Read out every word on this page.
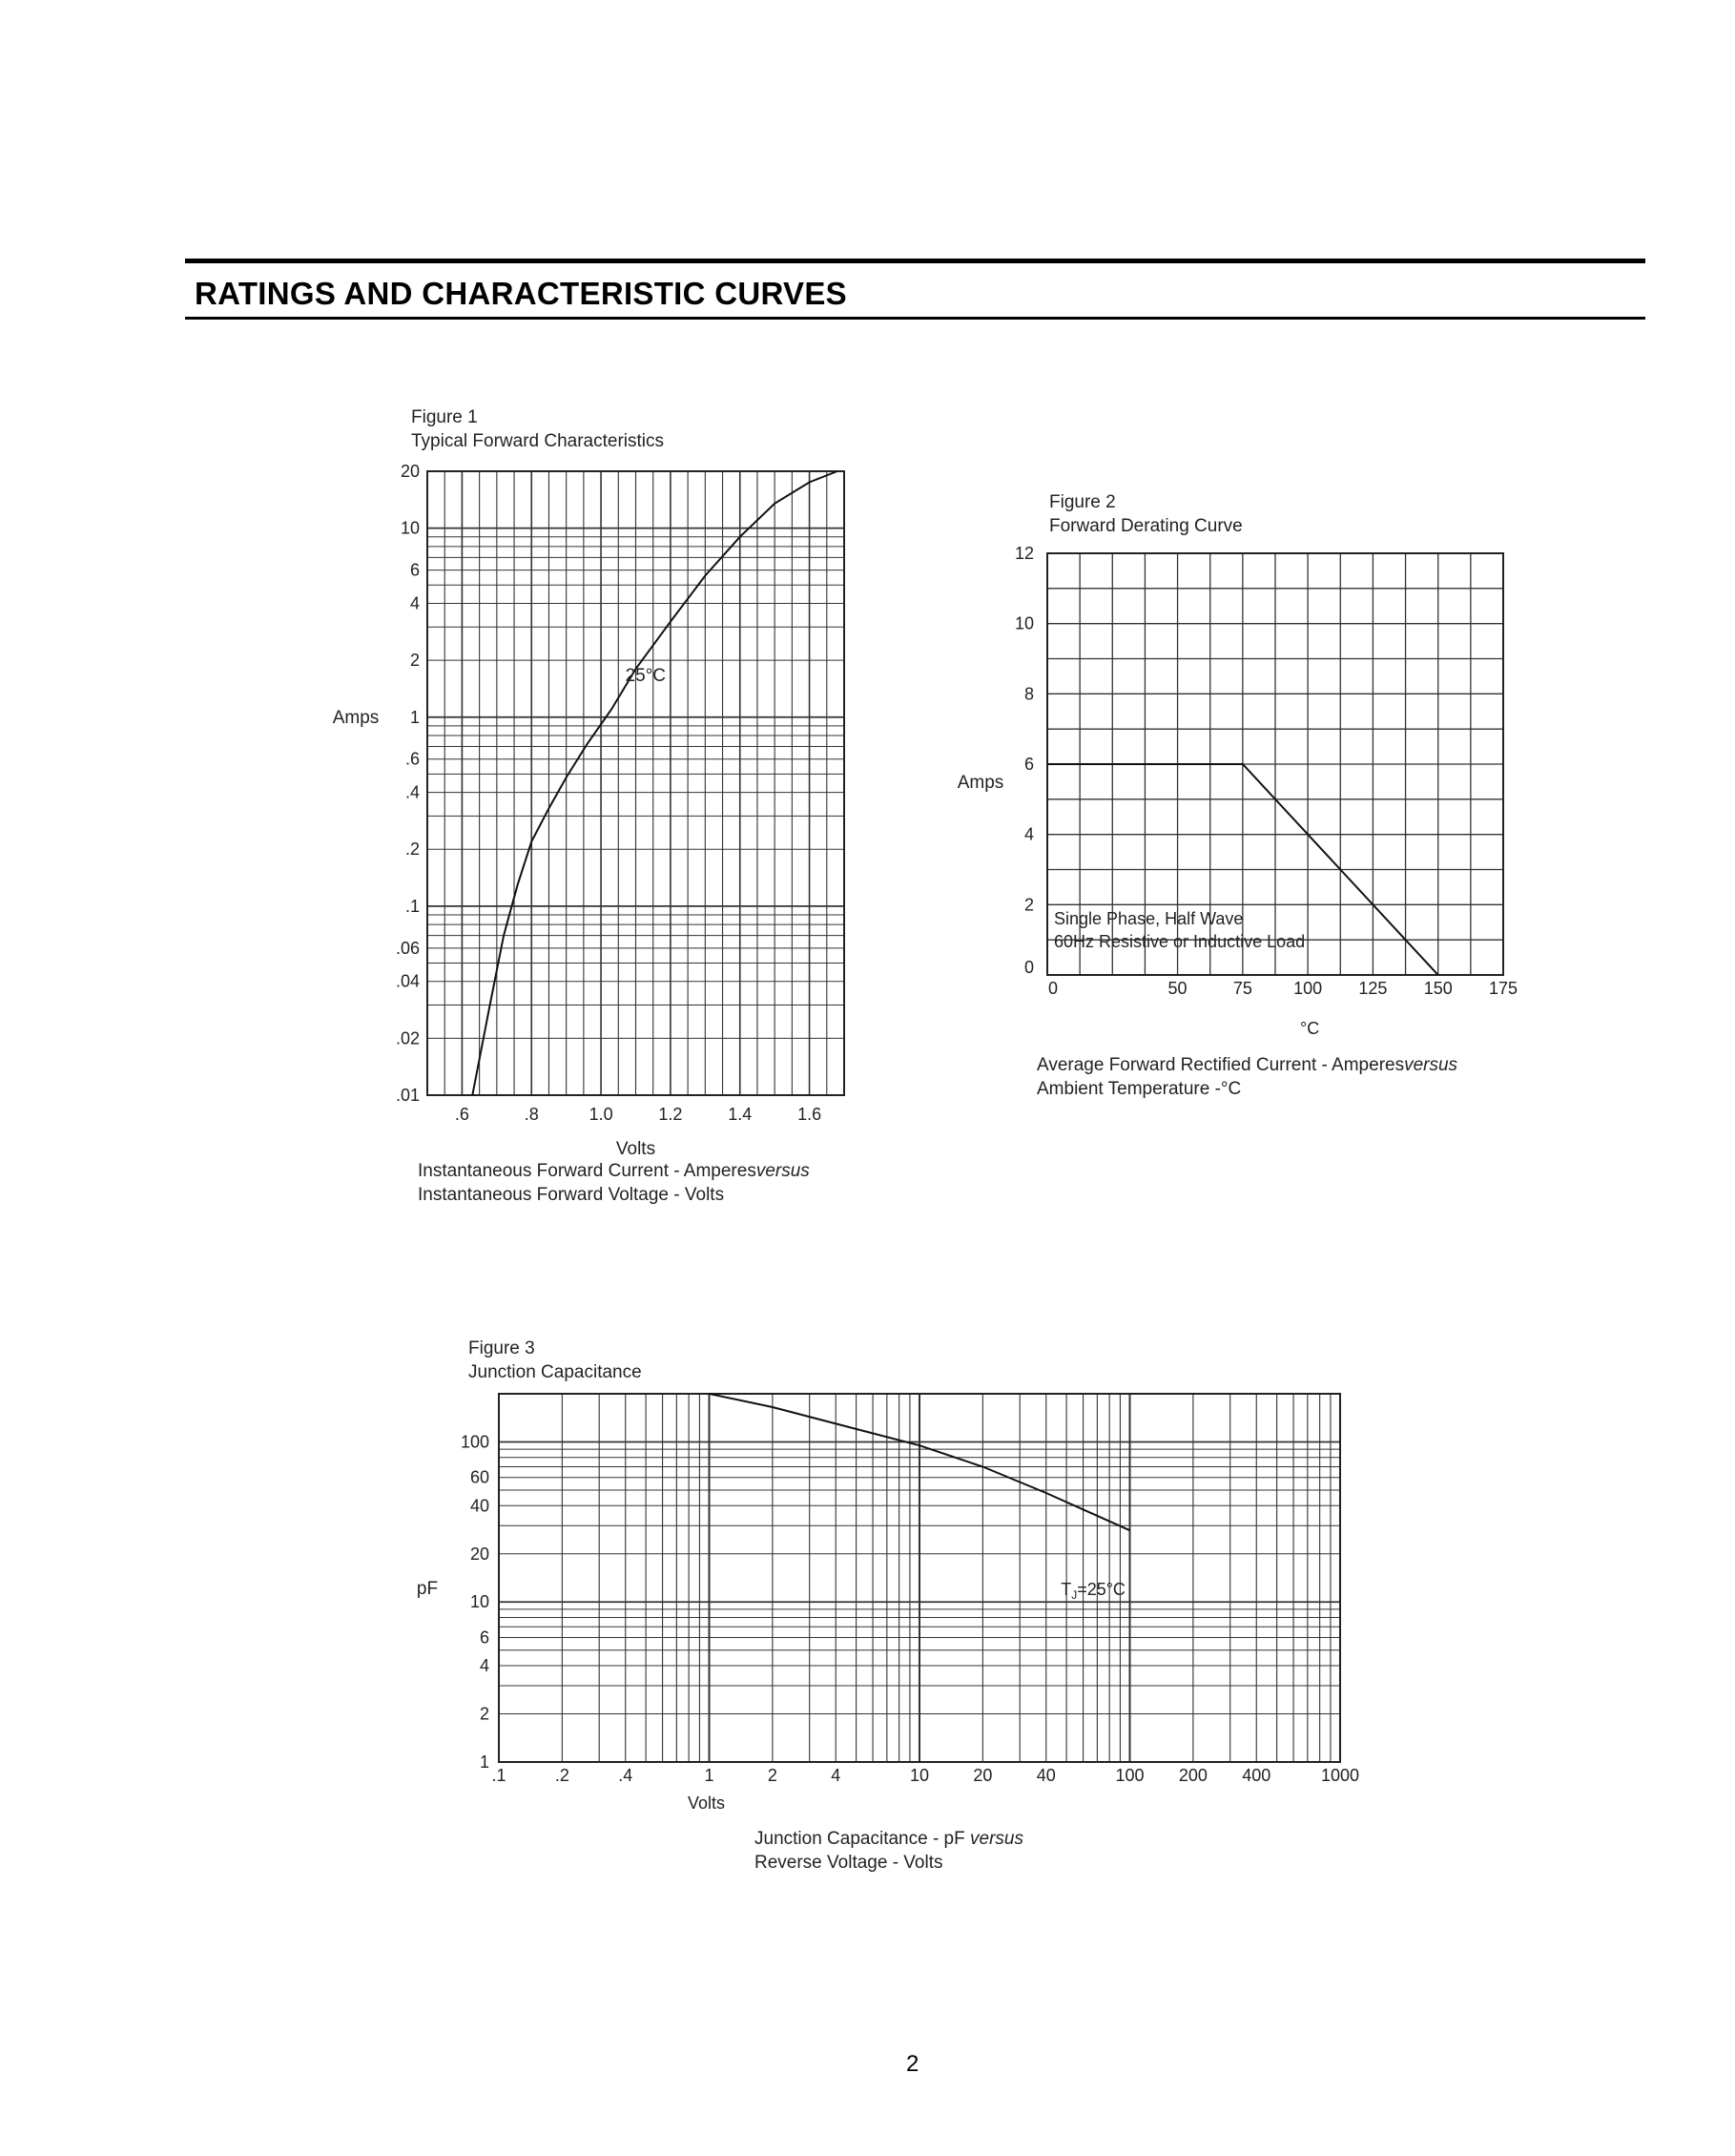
RATINGS AND CHARACTERISTIC CURVES
Figure 1
Typical Forward Characteristics
Instantaneous Forward Current - Amperesversus
Instantaneous Forward Voltage - Volts
Figure 2
Forward Derating Curve
Average Forward Rectified Current - Amperesversus
Ambient Temperature -°C
Figure 3
Junction Capacitance
Junction Capacitance - pF versus
Reverse Voltage - Volts
20
10
6
4
2
1
.6
.4
.2
.1
.06
.04
.02
.01
.6	.8	1.0	1.2	1.4	1.6
Volts
Amps
25°C
12
10
8
6
4
2
0
0	50	75 100 125 150 175
°C
Amps
Single Phase, Half Wave
60Hz Resistive or Inductive Load
100
60
40
20
10
6
4
2
1
.1	.2	.4	1	2	4	10	20	40	100 200 400	1000
Volts
pF	$T_J=25^\circ C$
2
